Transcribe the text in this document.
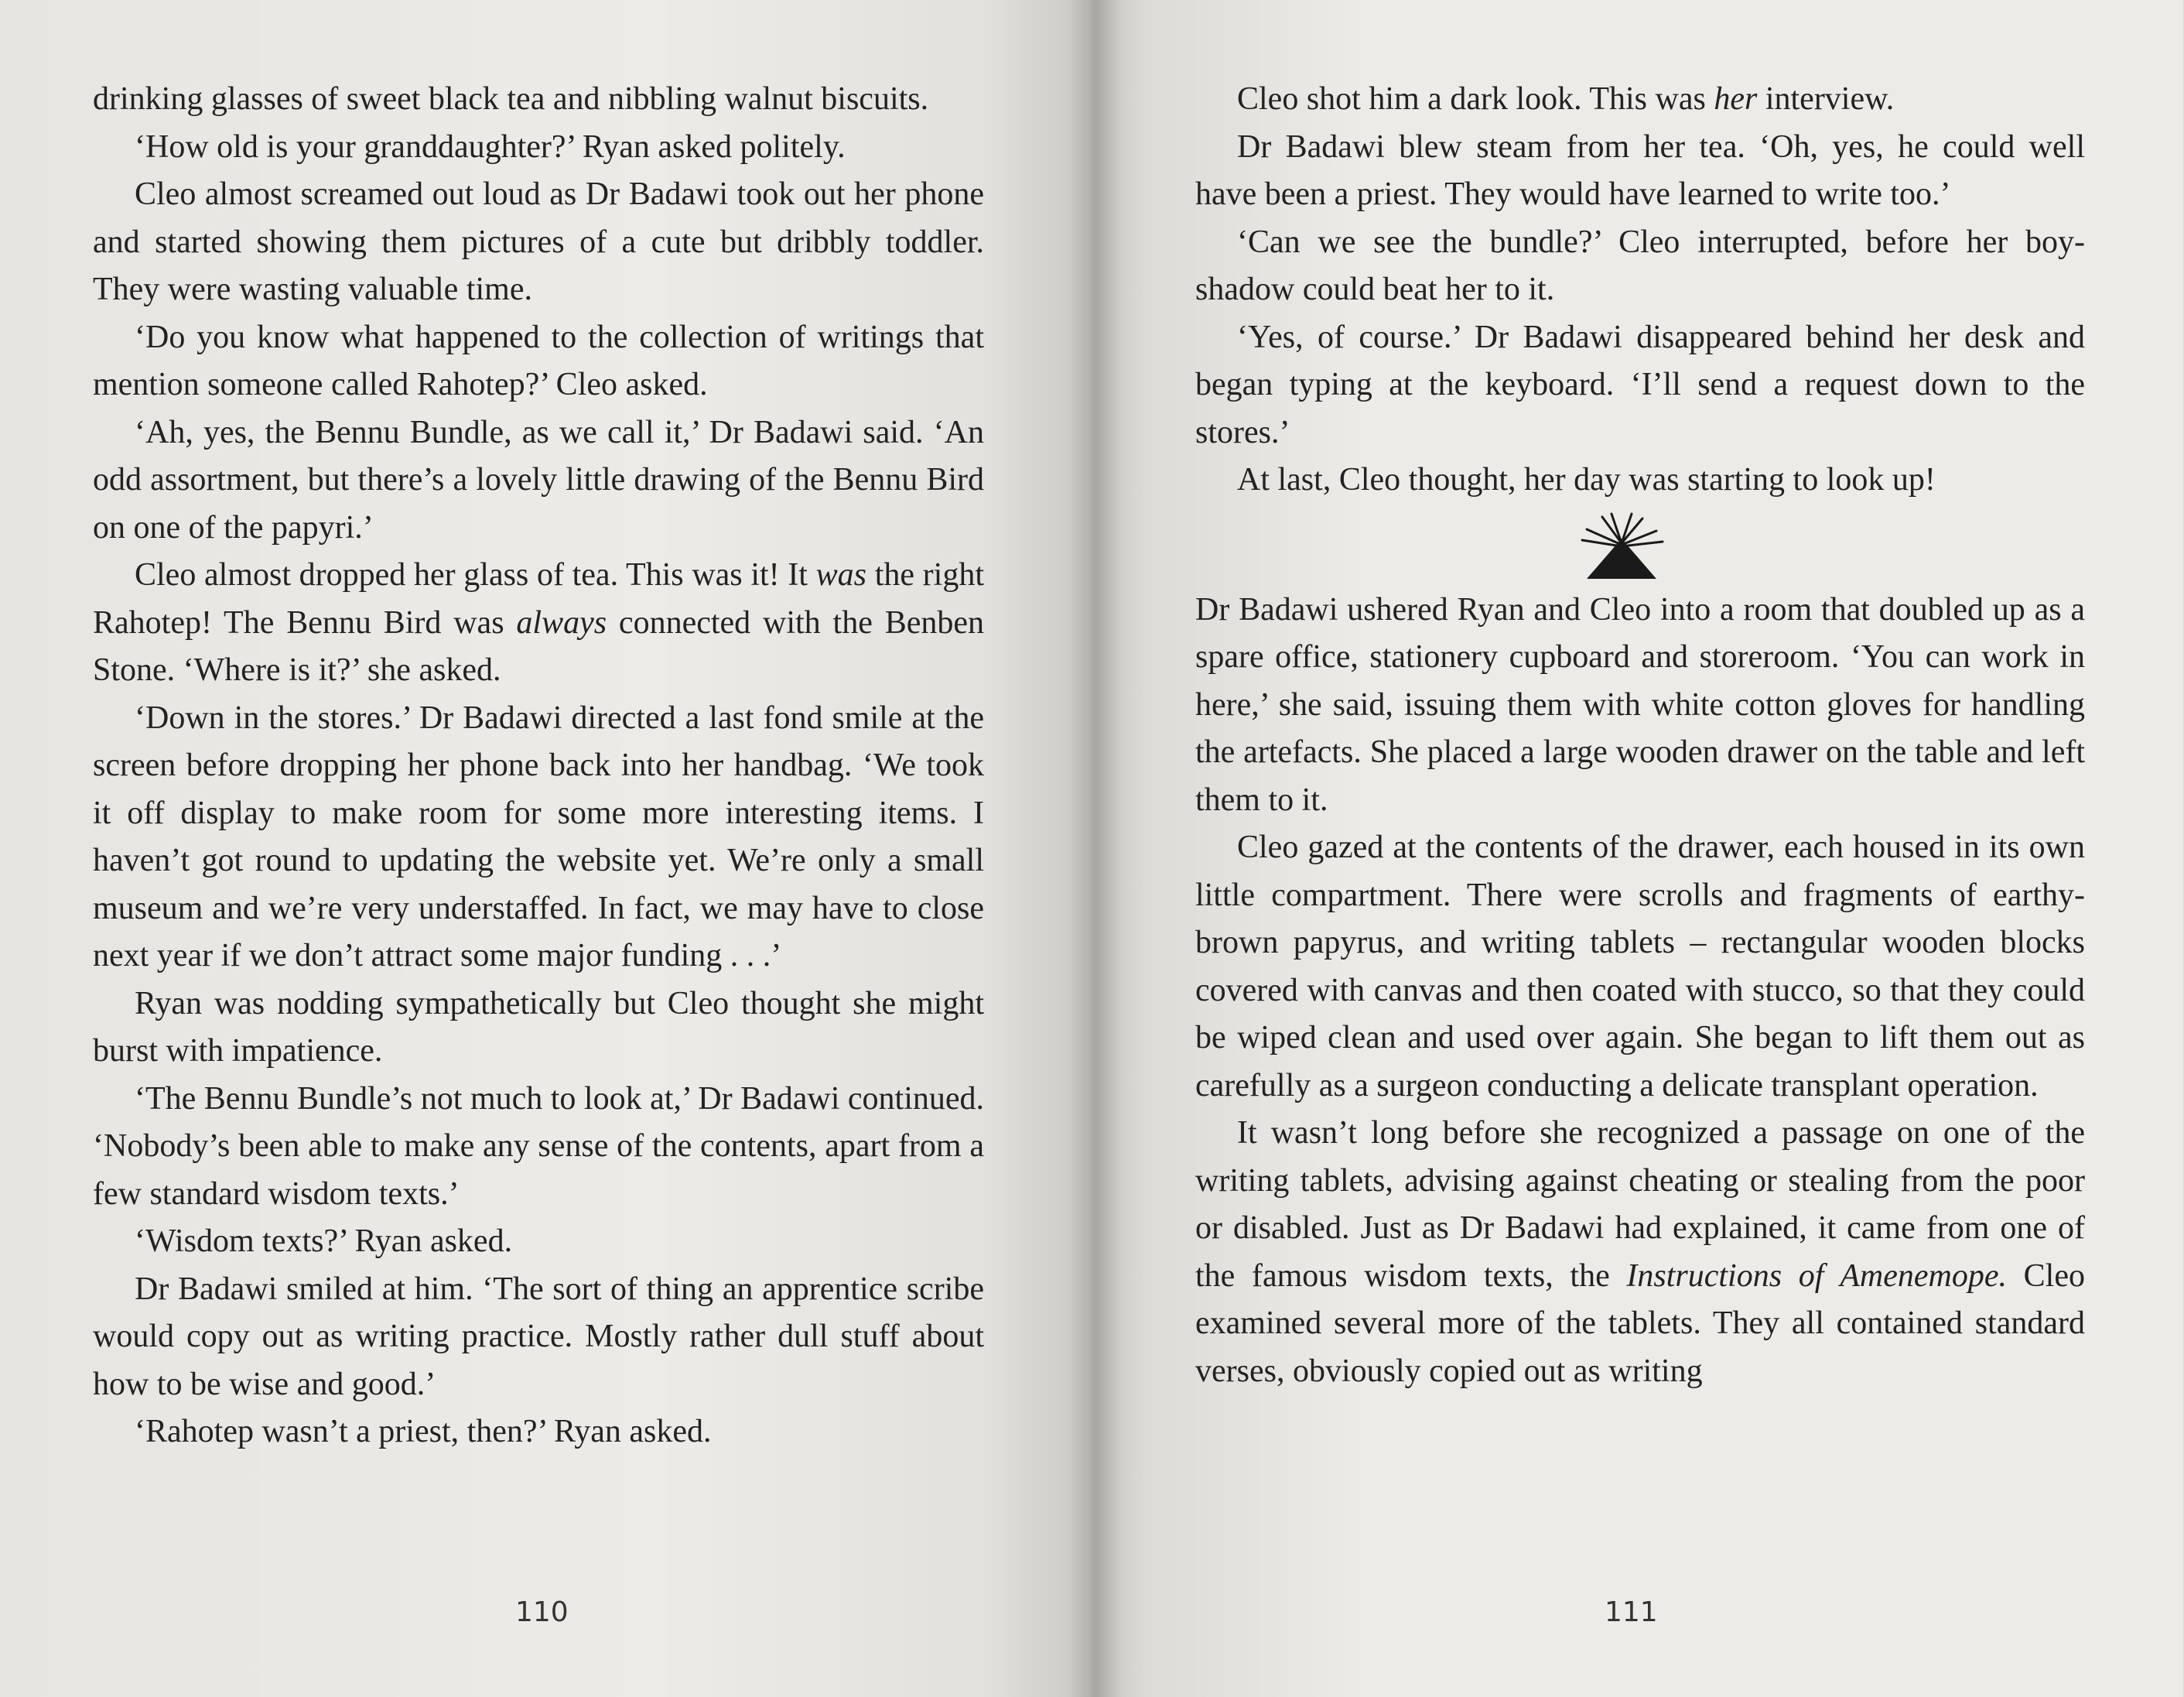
drinking glasses of sweet black tea and nibbling walnut biscuits.

‘How old is your granddaughter?’ Ryan asked politely.

Cleo almost screamed out loud as Dr Badawi took out her phone and started showing them pictures of a cute but dribbly toddler. They were wasting valuable time.

‘Do you know what happened to the collection of writings that mention someone called Rahotep?’ Cleo asked.

‘Ah, yes, the Bennu Bundle, as we call it,’ Dr Badawi said. ‘An odd assortment, but there’s a lovely little drawing of the Bennu Bird on one of the papyri.’

Cleo almost dropped her glass of tea. This was it! It was the right Rahotep! The Bennu Bird was always connected with the Benben Stone. ‘Where is it?’ she asked.

‘Down in the stores.’ Dr Badawi directed a last fond smile at the screen before dropping her phone back into her handbag. ‘We took it off display to make room for some more interesting items. I haven’t got round to updating the website yet. We’re only a small museum and we’re very understaffed. In fact, we may have to close next year if we don’t attract some major funding . . .’

Ryan was nodding sympathetically but Cleo thought she might burst with impatience.

‘The Bennu Bundle’s not much to look at,’ Dr Badawi continued. ‘Nobody’s been able to make any sense of the contents, apart from a few standard wisdom texts.’

‘Wisdom texts?’ Ryan asked.

Dr Badawi smiled at him. ‘The sort of thing an apprentice scribe would copy out as writing practice. Mostly rather dull stuff about how to be wise and good.’

‘Rahotep wasn’t a priest, then?’ Ryan asked.

110

Cleo shot him a dark look. This was her interview.

Dr Badawi blew steam from her tea. ‘Oh, yes, he could well have been a priest. They would have learned to write too.’

‘Can we see the bundle?’ Cleo interrupted, before her boy-shadow could beat her to it.

‘Yes, of course.’ Dr Badawi disappeared behind her desk and began typing at the keyboard. ‘I’ll send a request down to the stores.’

At last, Cleo thought, her day was starting to look up!

Dr Badawi ushered Ryan and Cleo into a room that doubled up as a spare office, stationery cupboard and storeroom. ‘You can work in here,’ she said, issuing them with white cotton gloves for handling the artefacts. She placed a large wooden drawer on the table and left them to it.

Cleo gazed at the contents of the drawer, each housed in its own little compartment. There were scrolls and fragments of earthy-brown papyrus, and writing tablets – rectangular wooden blocks covered with canvas and then coated with stucco, so that they could be wiped clean and used over again. She began to lift them out as carefully as a surgeon conducting a delicate transplant operation.

It wasn’t long before she recognized a passage on one of the writing tablets, advising against cheating or stealing from the poor or disabled. Just as Dr Badawi had explained, it came from one of the famous wisdom texts, the Instructions of Amenemope. Cleo examined several more of the tablets. They all contained standard verses, obviously copied out as writing

111
